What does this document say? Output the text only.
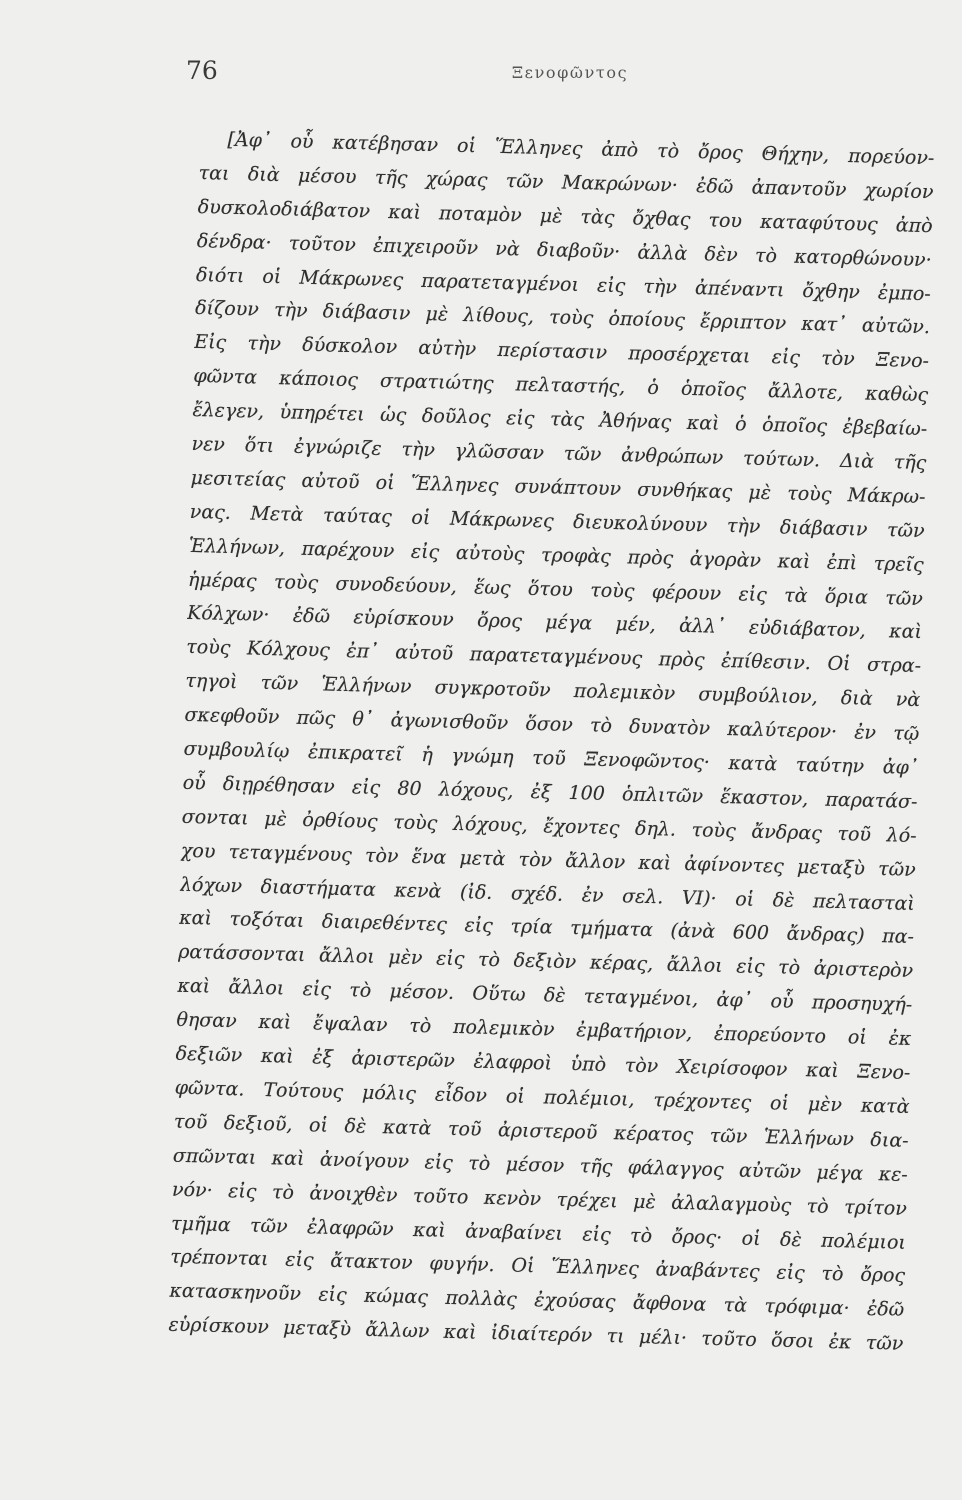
76	Ξενοφῶντος
[Ἀφ᾽ οὗ κατέβησαν οἱ Ἕλληνες ἀπὸ τὸ ὄρος Θήχην, πορεύον-
ται διὰ μέσου τῆς χώρας τῶν Μακρώνων· ἐδῶ ἀπαντοῦν χωρίον
δυσκολοδιάβατον καὶ ποταμὸν μὲ τὰς ὄχθας του καταφύτους ἀπὸ
δένδρα· τοῦτον ἐπιχειροῦν νὰ διαβοῦν· ἀλλὰ δὲν τὸ κατορθώνουν·
διότι οἱ Μάκρωνες παρατεταγμένοι εἰς τὴν ἀπέναντι ὄχθην ἐμπο-
δίζουν τὴν διάβασιν μὲ λίθους, τοὺς ὁποίους ἔρριπτον κατ᾽ αὐτῶν.
Εἰς τὴν δύσκολον αὐτὴν περίστασιν προσέρχεται εἰς τὸν Ξενο-
φῶντα κάποιος στρατιώτης πελταστής, ὁ ὁποῖος ἄλλοτε, καθὼς
ἔλεγεν, ὑπηρέτει ὡς δοῦλος εἰς τὰς Ἀθήνας καὶ ὁ ὁποῖος ἐβεβαίω-
νεν ὅτι ἐγνώριζε τὴν γλῶσσαν τῶν ἀνθρώπων τούτων. Διὰ τῆς
μεσιτείας αὐτοῦ οἱ Ἕλληνες συνάπτουν συνθήκας μὲ τοὺς Μάκρω-
νας. Μετὰ ταύτας οἱ Μάκρωνες διευκολύνουν τὴν διάβασιν τῶν
Ἑλλήνων, παρέχουν εἰς αὐτοὺς τροφὰς πρὸς ἀγορὰν καὶ ἐπὶ τρεῖς
ἡμέρας τοὺς συνοδεύουν, ἕως ὅτου τοὺς φέρουν εἰς τὰ ὅρια τῶν
Κόλχων· ἐδῶ εὑρίσκουν ὄρος μέγα μέν, ἀλλ᾽ εὐδιάβατον, καὶ
τοὺς Κόλχους ἐπ᾽ αὐτοῦ παρατεταγμένους πρὸς ἐπίθεσιν. Οἱ στρα-
τηγοὶ τῶν Ἑλλήνων συγκροτοῦν πολεμικὸν συμβούλιον, διὰ νὰ
σκεφθοῦν πῶς θ᾽ ἀγωνισθοῦν ὅσον τὸ δυνατὸν καλύτερον· ἐν τῷ
συμβουλίῳ ἐπικρατεῖ ἡ γνώμη τοῦ Ξενοφῶντος· κατὰ ταύτην ἀφ᾽
οὗ διῃρέθησαν εἰς 80 λόχους, ἐξ 100 ὁπλιτῶν ἕκαστον, παρατάσ-
σονται μὲ ὀρθίους τοὺς λόχους, ἔχοντες δηλ. τοὺς ἄνδρας τοῦ λό-
χου τεταγμένους τὸν ἕνα μετὰ τὸν ἄλλον καὶ ἀφίνοντες μεταξὺ τῶν
λόχων διαστήματα κενὰ (ἰδ. σχέδ. ἐν σελ. VI)· οἱ δὲ πελτασταὶ
καὶ τοξόται διαιρεθέντες εἰς τρία τμήματα (ἀνὰ 600 ἄνδρας) πα-
ρατάσσονται ἄλλοι μὲν εἰς τὸ δεξιὸν κέρας, ἄλλοι εἰς τὸ ἀριστερὸν
καὶ ἄλλοι εἰς τὸ μέσον. Οὕτω δὲ τεταγμένοι, ἀφ᾽ οὗ προσηυχή-
θησαν καὶ ἔψαλαν τὸ πολεμικὸν ἐμβατήριον, ἐπορεύοντο οἱ ἐκ
δεξιῶν καὶ ἐξ ἀριστερῶν ἐλαφροὶ ὑπὸ τὸν Χειρίσοφον καὶ Ξενο-
φῶντα. Τούτους μόλις εἶδον οἱ πολέμιοι, τρέχοντες οἱ μὲν κατὰ
τοῦ δεξιοῦ, οἱ δὲ κατὰ τοῦ ἀριστεροῦ κέρατος τῶν Ἑλλήνων δια-
σπῶνται καὶ ἀνοίγουν εἰς τὸ μέσον τῆς φάλαγγος αὐτῶν μέγα κε-
νόν· εἰς τὸ ἀνοιχθὲν τοῦτο κενὸν τρέχει μὲ ἀλαλαγμοὺς τὸ τρίτον
τμῆμα τῶν ἐλαφρῶν καὶ ἀναβαίνει εἰς τὸ ὄρος· οἱ δὲ πολέμιοι
τρέπονται εἰς ἄτακτον φυγήν. Οἱ Ἕλληνες ἀναβάντες εἰς τὸ ὄρος
κατασκηνοῦν εἰς κώμας πολλὰς ἐχούσας ἄφθονα τὰ τρόφιμα· ἐδῶ
εὑρίσκουν μεταξὺ ἄλλων καὶ ἰδιαίτερόν τι μέλι· τοῦτο ὅσοι ἐκ τῶν
